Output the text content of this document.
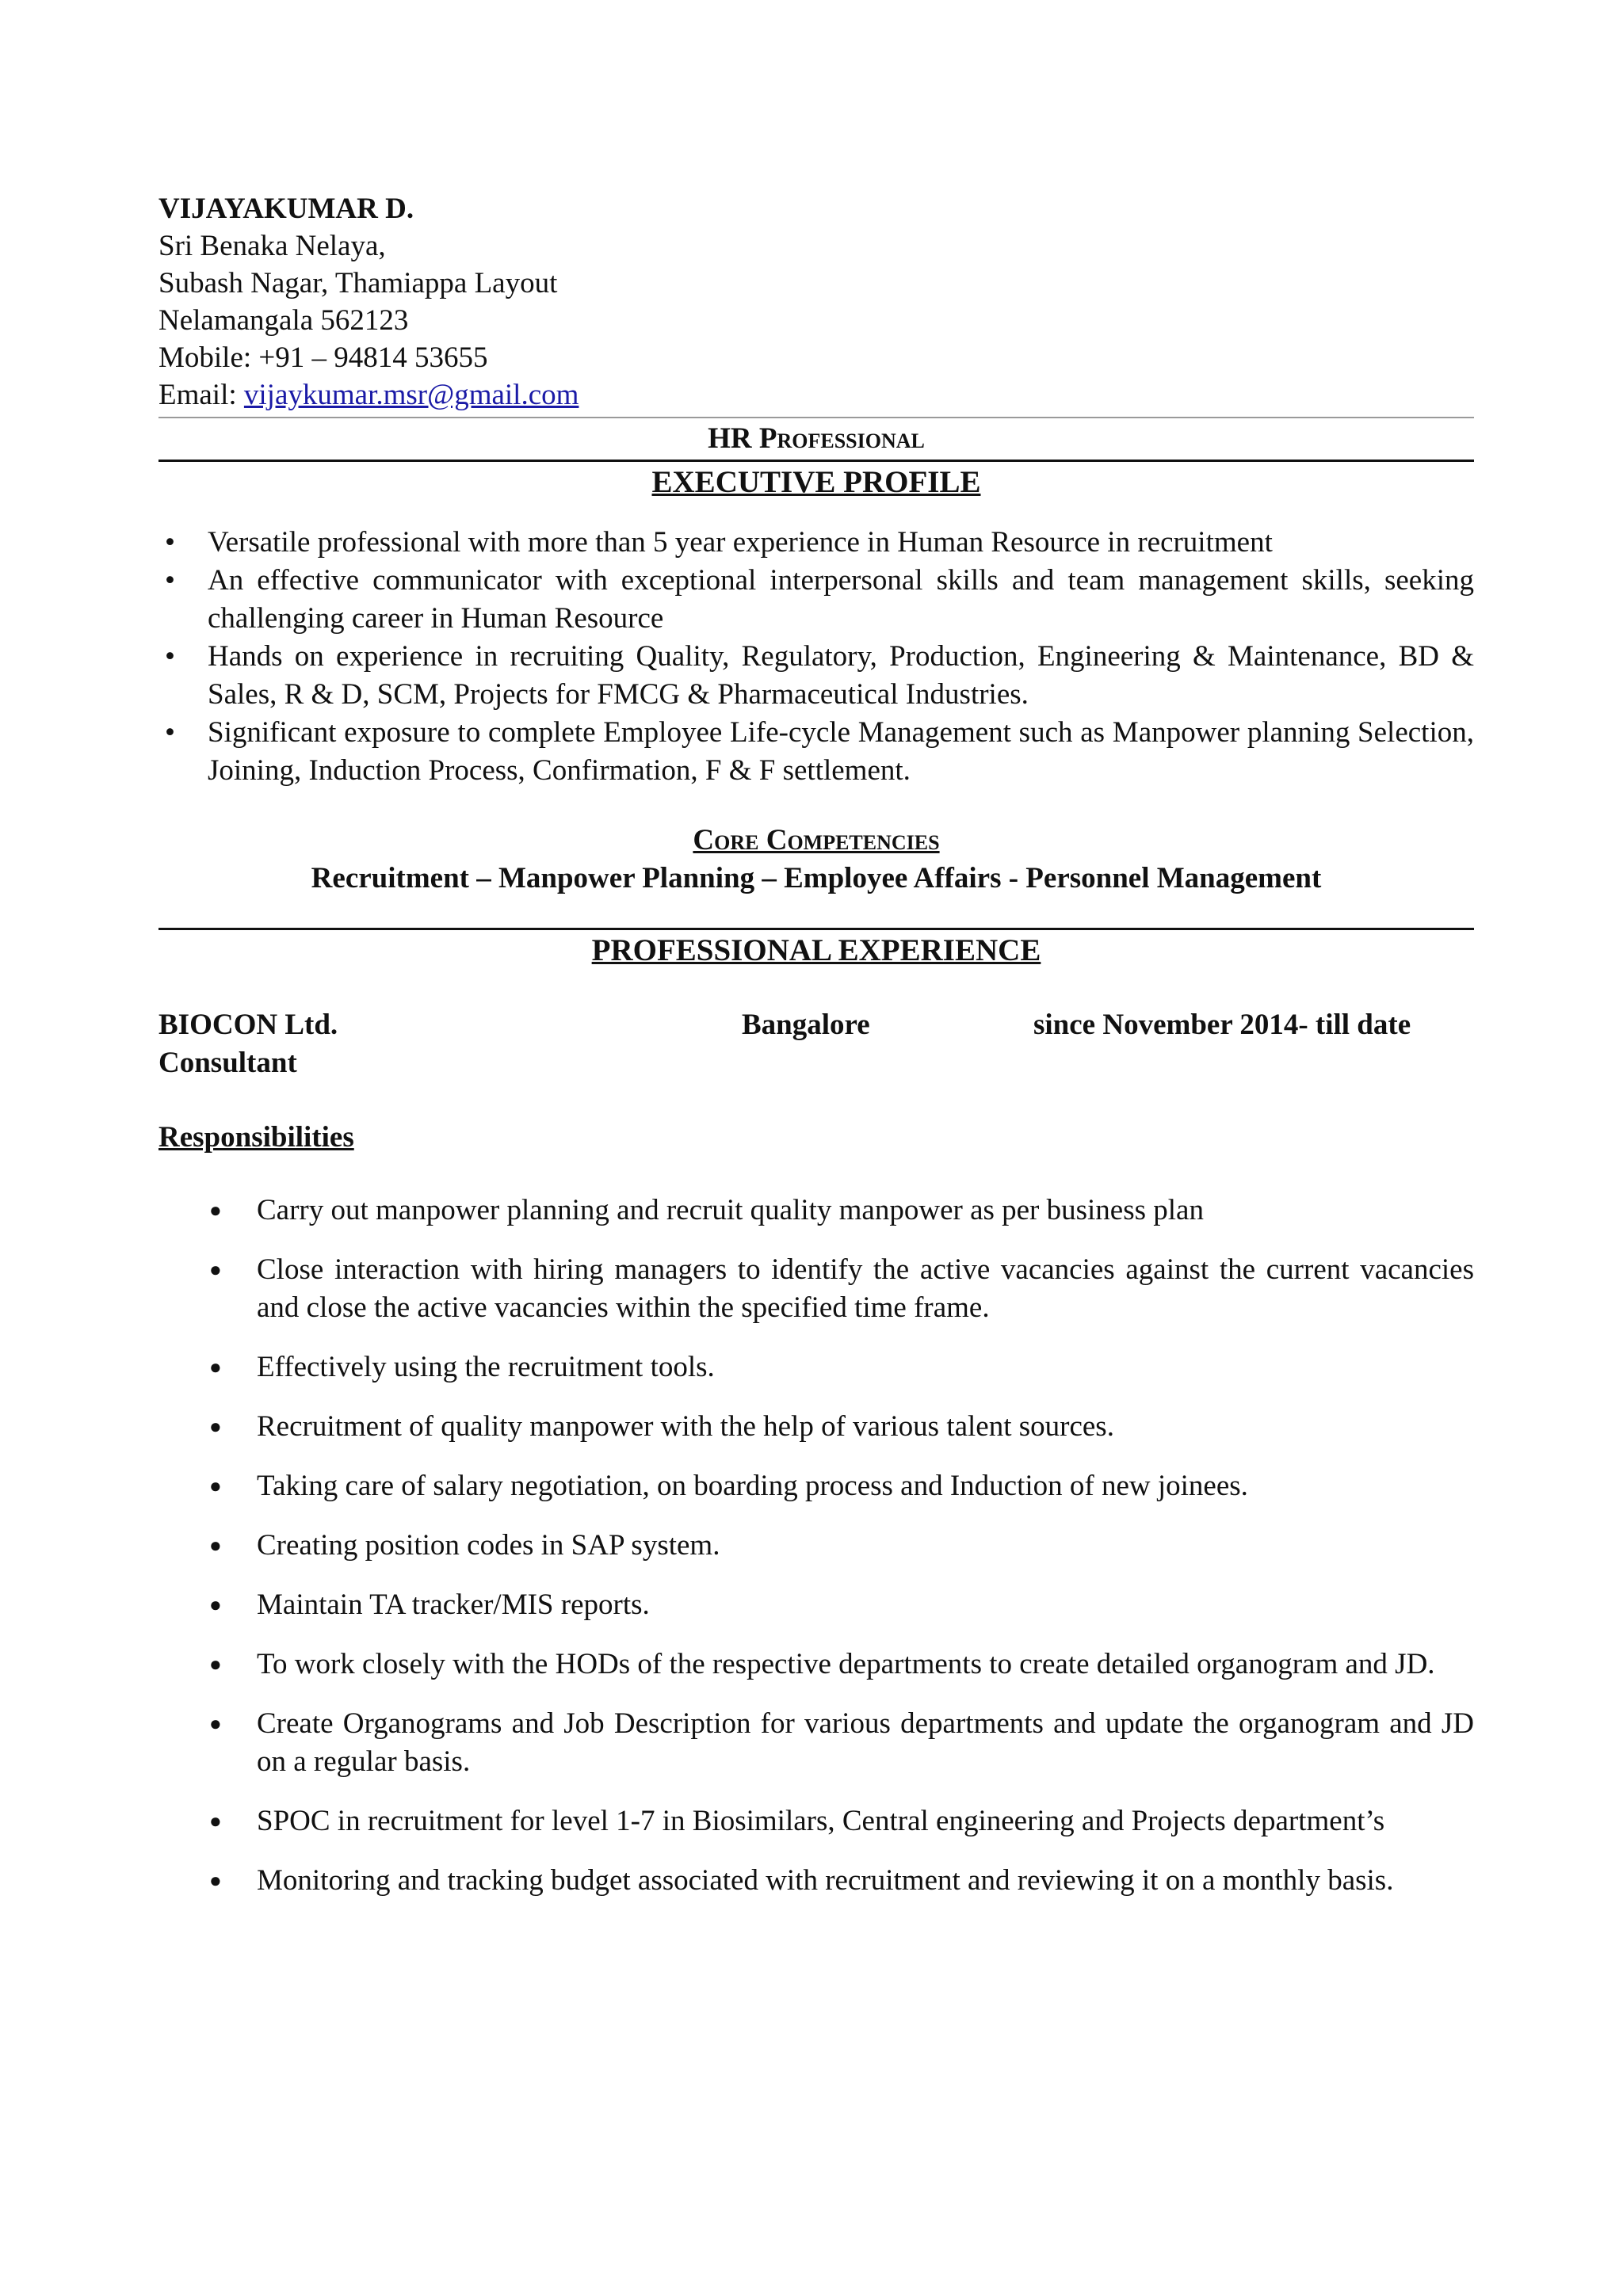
VIJAYAKUMAR D.

Sri Benaka Nelaya,

Subash Nagar, Thamiappa Layout

Nelamangala 562123

Mobile: +91 – 94814 53655

Email: vijaykumar.msr@gmail.com

HR Professional

EXECUTIVE PROFILE

• Versatile professional with more than 5 year experience in Human Resource in recruitment
• An effective communicator with exceptional interpersonal skills and team management skills, seeking challenging career in Human Resource
• Hands on experience in recruiting Quality, Regulatory, Production, Engineering & Maintenance, BD & Sales, R & D, SCM, Projects for FMCG & Pharmaceutical Industries.
• Significant exposure to complete Employee Life-cycle Management such as Manpower planning Selection, Joining, Induction Process, Confirmation, F & F settlement.

Core Competencies

Recruitment – Manpower Planning – Employee Affairs - Personnel Management

PROFESSIONAL EXPERIENCE

BIOCON Ltd.	Bangalore	since November 2014- till date

Consultant

Responsibilities

● Carry out manpower planning and recruit quality manpower as per business plan
● Close interaction with hiring managers to identify the active vacancies against the current vacancies and close the active vacancies within the specified time frame.
● Effectively using the recruitment tools.
● Recruitment of quality manpower with the help of various talent sources.
● Taking care of salary negotiation, on boarding process and Induction of new joinees.
● Creating position codes in SAP system.
● Maintain TA tracker/MIS reports.
● To work closely with the HODs of the respective departments to create detailed organogram and JD.
● Create Organograms and Job Description for various departments and update the organogram and JD on a regular basis.
● SPOC in recruitment for level 1-7 in Biosimilars, Central engineering and Projects department’s
● Monitoring and tracking budget associated with recruitment and reviewing it on a monthly basis.
